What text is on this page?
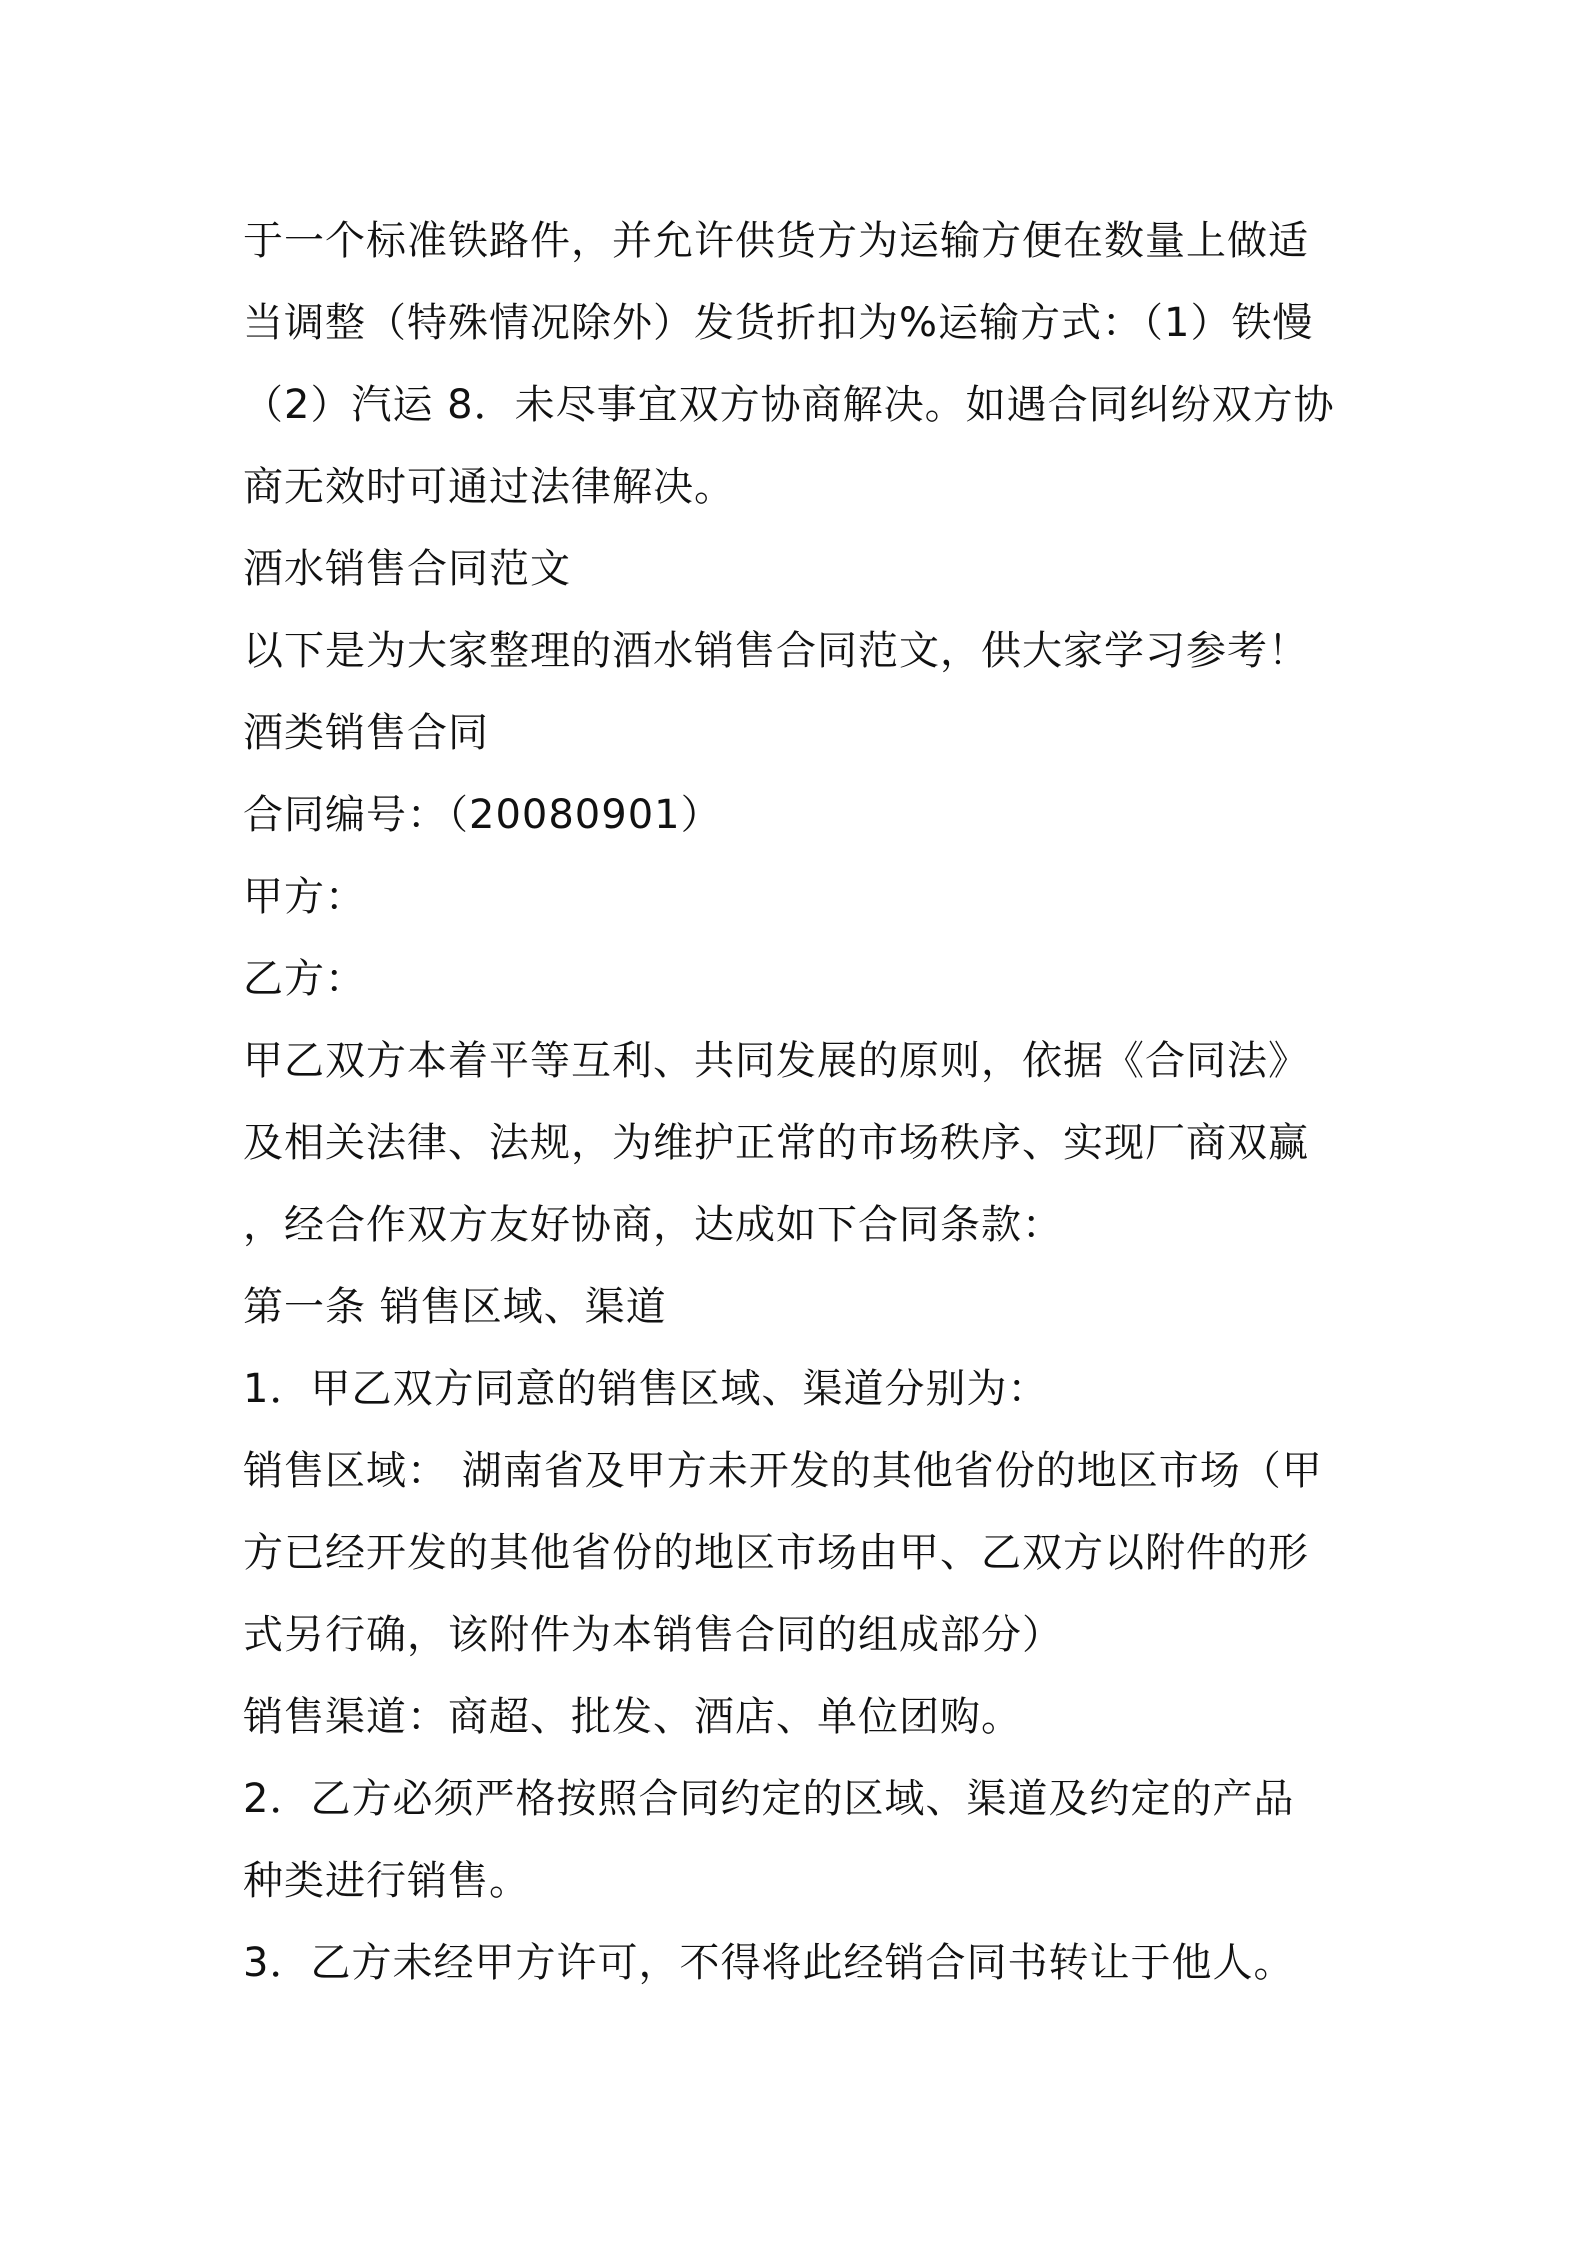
于一个标准铁路件，并允许供货方为运输方便在数量上做适
当调整（特殊情况除外）发货折扣为%运输方式：（1）铁慢
（2）汽运 8．未尽事宜双方协商解决。如遇合同纠纷双方协
商无效时可通过法律解决。
酒水销售合同范文
以下是为大家整理的酒水销售合同范文，供大家学习参考！
酒类销售合同
合同编号：（20080901）
甲方：
乙方：
甲乙双方本着平等互利、共同发展的原则，依据《合同法》
及相关法律、法规，为维护正常的市场秩序、实现厂商双赢
，经合作双方友好协商，达成如下合同条款：
第一条 销售区域、渠道
1．甲乙双方同意的销售区域、渠道分别为：
销售区域： 湖南省及甲方未开发的其他省份的地区市场（甲
方已经开发的其他省份的地区市场由甲、乙双方以附件的形
式另行确，该附件为本销售合同的组成部分）
销售渠道：商超、批发、酒店、单位团购。
2．乙方必须严格按照合同约定的区域、渠道及约定的产品
种类进行销售。
3．乙方未经甲方许可，不得将此经销合同书转让于他人。
